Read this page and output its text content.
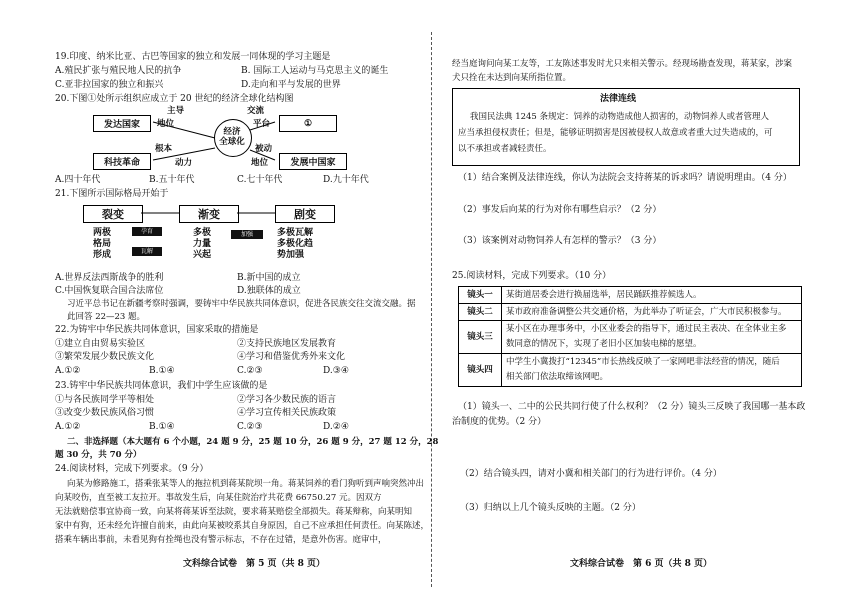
19.印度、纳米比亚、古巴等国家的独立和发展一同体现的学习主题是
A.殖民扩张与殖民地人民的抗争	B. 国际工人运动与马克思主义的诞生
C.亚非拉国家的独立和振兴	D.走向和平与发展的世界
20.下图①处所示组织应成立于 20 世纪的经济全球化结构图
发达国家	①
科技革命	发展中国家
经济
全球化
主导	交流
地位	平台
根本	被动
动力	地位
A.四十年代	B.五十年代	C.七十年代	D.九十年代
21.下图所示国际格局开始于
裂变	渐变	剧变
两极
格局
形成
孕育
瓦解
多极
力量
兴起
加强	多极瓦解
多极化趋
势加强
A.世界反法西斯战争的胜利	B.新中国的成立
C.中国恢复联合国合法席位	D.独联体的成立
习近平总书记在新疆考察时强调，要铸牢中华民族共同体意识，促进各民族交往交流交融。据此回答 22—23 题。
22.为铸牢中华民族共同体意识，国家采取的措施是
①建立自由贸易实验区	②支持民族地区发展教育
③繁荣发展少数民族文化	④学习和借鉴优秀外来文化
A.①②	B.①④	C.②③	D.③④
23.铸牢中华民族共同体意识，我们中学生应该做的是
①与各民族同学平等相处	②学习各少数民族的语言
③改变少数民族风俗习惯	④学习宣传相关民族政策
A.①②	B.①④	C.②③	D.②④
二、非选择题（本大题有 6 个小题，24 题 9 分，25 题 10 分，26 题 9 分，27 题 12 分，28
题 30 分，共 70 分）
24.阅读材料，完成下列要求。（9 分）
向某为修路施工，搭乘张某等人的拖拉机到蒋某院坝一角。蒋某饲养的看门狗听到声响突然冲出
向某咬伤，直至被工友拉开。事故发生后，向某住院治疗共花费 66750.27 元。因双方
无法就赔偿事宜协商一致，向某将蒋某诉至法院，要求蒋某赔偿全部损失。蒋某辩称，向某明知
家中有狗，还未经允许擅自前来，由此向某被咬系其自身原因，自己不应承担任何责任。向某陈述，
搭乘车辆出事前，未看见狗有拴绳也没有警示标志，不存在过错，是意外伤害。庭审中，
文科综合试卷　第 5 页（共 8 页）
经当庭询问向某工友等，工友陈述事发时尤只来相关警示。经现场勘查发现，蒋某家，涉案
犬只拴在未达到向某所指位置。
法律连线
我国民法典 1245 条规定：饲养的动物造成他人损害的，动物饲养人或者管理人
应当承担侵权责任；但是，能够证明损害是因被侵权人故意或者重大过失造成的，可
以不承担或者减轻责任。
（1）结合案例及法律连线，你认为法院会支持蒋某的诉求吗？请说明理由。（4 分）
（2）事发后向某的行为对你有哪些启示？（2 分）
（3）该案例对动物饲养人有怎样的警示？（3 分）
25.阅读材料，完成下列要求。（10 分）
镜头一	某街道居委会进行换届选举，居民踊跃推荐候选人。
镜头二	某市政府准备调整公共交通价格，为此举办了听证会，广大市民积极参与。
镜头三	某小区在办理事务中，小区业委会的指导下，通过民主表决、在全体业主多
数同意的情况下，实现了老旧小区加装电梯的愿望。

镜头四	中学生小冀拨打“12345”市长热线反映了一家网吧非法经营的情况，随后
相关部门依法取缔该网吧。
（1）镜头一、二中的公民共同行使了什么权利？（2 分）镜头三反映了我国哪一基本政
治制度的优势。（2 分）
（2）结合镜头四，请对小冀和相关部门的行为进行评价。（4 分）
（3）归纳以上几个镜头反映的主题。（2 分）
文科综合试卷　第 6 页（共 8 页）
